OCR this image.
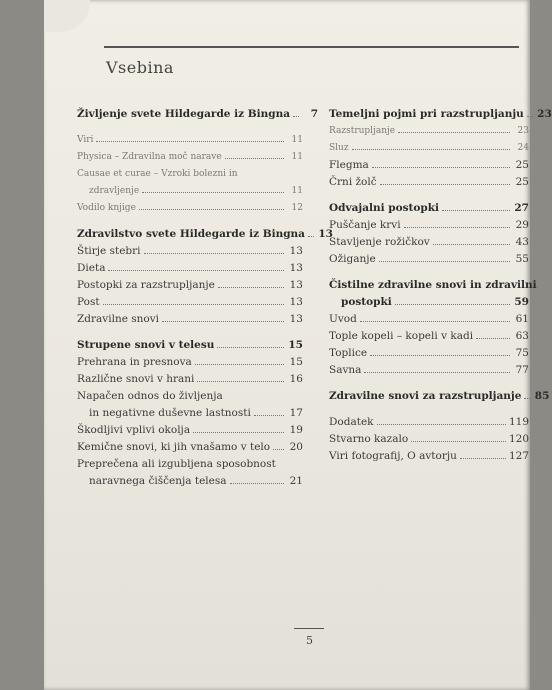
Vsebina
Življenje svete Hildegarde iz Bingna	7
Viri	11
Physica – Zdravilna moč narave	11
Causae et curae – Vzroki bolezni in
zdravljenje	11
Vodilo knjige	12
Zdravilstvo svete Hildegarde iz Bingna 13
Štirje stebri	13
Dieta	13
Postopki za razstrupljanje	13
Post	13
Zdravilne snovi	13
Strupene snovi v telesu	15
Prehrana in presnova	15
Različne snovi v hrani	16
Napačen odnos do življenja
in negativne duševne lastnosti	17
Škodljivi vplivi okolja	19
Kemične snovi, ki jih vnašamo v telo 20
Preprečena ali izgubljena sposobnost
naravnega čiščenja telesa	21
Temeljni pojmi pri razstrupljanju 23
Razstrupljanje	23
Sluz	24
Flegma	25
Črni žolč	25
Odvajalni postopki	27
Puščanje krvi	29
Stavljenje rožičkov	43
Ožiganje	55
Čistilne zdravilne snovi in zdravilni
postopki	59
Uvod	61
Tople kopeli – kopeli v kadi	63
Toplice	75
Savna	77
Zdravilne snovi za razstrupljanje 85
Dodatek	119
Stvarno kazalo	120
Viri fotografij, O avtorju	127
5
